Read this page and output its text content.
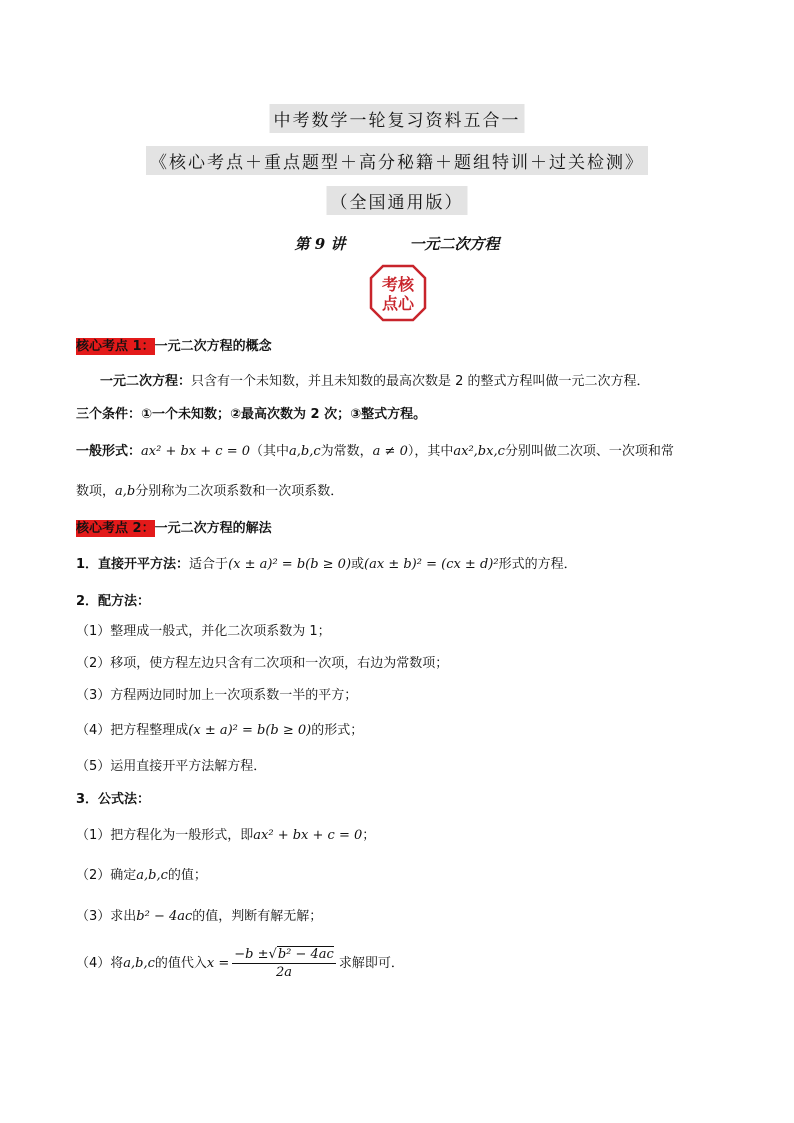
中考数学一轮复习资料五合一
《核心考点＋重点题型＋高分秘籍＋题组特训＋过关检测》
（全国通用版）
第 9 讲	一元二次方程
考核
点心
核心考点 1：一元二次方程的概念
一元二次方程：只含有一个未知数，并且未知数的最高次数是 2 的整式方程叫做一元二次方程．
三个条件：①一个未知数；②最高次数为 2 次；③整式方程。
一般形式：ax² + bx + c = 0（其中a,b,c为常数，a ≠ 0），其中ax²,bx,c分别叫做二次项、一次项和常
数项，a,b分别称为二次项系数和一次项系数．
核心考点 2：一元二次方程的解法
1．直接开平方法：适合于(x ± a)² = b(b ≥ 0)或(ax ± b)² = (cx ± d)²形式的方程．
2．配方法：
（1）整理成一般式，并化二次项系数为 1；
（2）移项，使方程左边只含有二次项和一次项，右边为常数项；
（3）方程两边同时加上一次项系数一半的平方；
（4）把方程整理成(x ± a)² = b(b ≥ 0)的形式；
（5）运用直接开平方法解方程．
3．公式法：
（1）把方程化为一般形式，即ax² + bx + c = 0；
（2）确定a,b,c的值；
（3）求出b² − 4ac的值，判断有解无解；
（4）将a,b,c的值代入$x = \frac{\text{−b ±√b² − 4ac}}{2a}$ 求解即可．
